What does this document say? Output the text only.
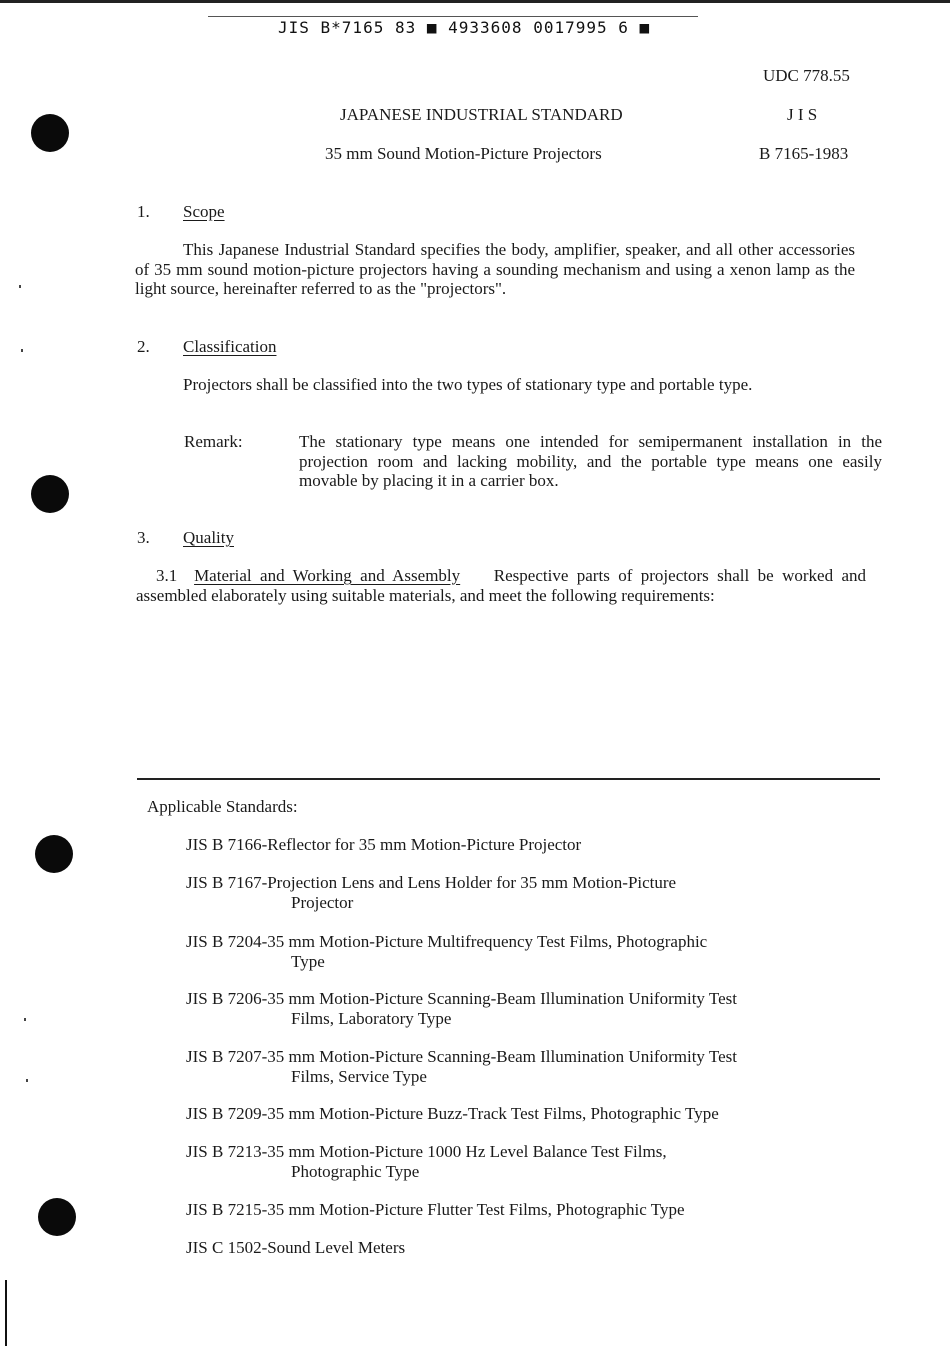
JIS B*7165 83 ■ 4933608 0017995 6 ■
UDC 778.55
JAPANESE INDUSTRIAL STANDARD	J I S
35 mm Sound Motion-Picture Projectors	B 7165-1983
1. Scope

This Japanese Industrial Standard specifies the body, amplifier, speaker, and all other accessories of 35 mm sound motion-picture projectors having a sounding mechanism and using a xenon lamp as the light source, hereinafter referred to as the "projectors".

2. Classification

Projectors shall be classified into the two types of stationary type and portable type.

Remark:	The stationary type means one intended for semipermanent installation in the projection room and lacking mobility, and the portable type means one easily movable by placing it in a carrier box.
3. Quality

3.1 Material and Working and Assembly Respective parts of projectors shall be worked and assembled elaborately using suitable materials, and meet the following requirements:

Applicable Standards:
JIS B 7166-Reflector for 35 mm Motion-Picture Projector
JIS B 7167-Projection Lens and Lens Holder for 35 mm Motion-Picture
Projector
JIS B 7204-35 mm Motion-Picture Multifrequency Test Films, Photographic
Type
JIS B 7206-35 mm Motion-Picture Scanning-Beam Illumination Uniformity Test
Films, Laboratory Type
JIS B 7207-35 mm Motion-Picture Scanning-Beam Illumination Uniformity Test
Films, Service Type
JIS B 7209-35 mm Motion-Picture Buzz-Track Test Films, Photographic Type
JIS B 7213-35 mm Motion-Picture 1000 Hz Level Balance Test Films,
Photographic Type
JIS B 7215-35 mm Motion-Picture Flutter Test Films, Photographic Type
JIS C 1502-Sound Level Meters
